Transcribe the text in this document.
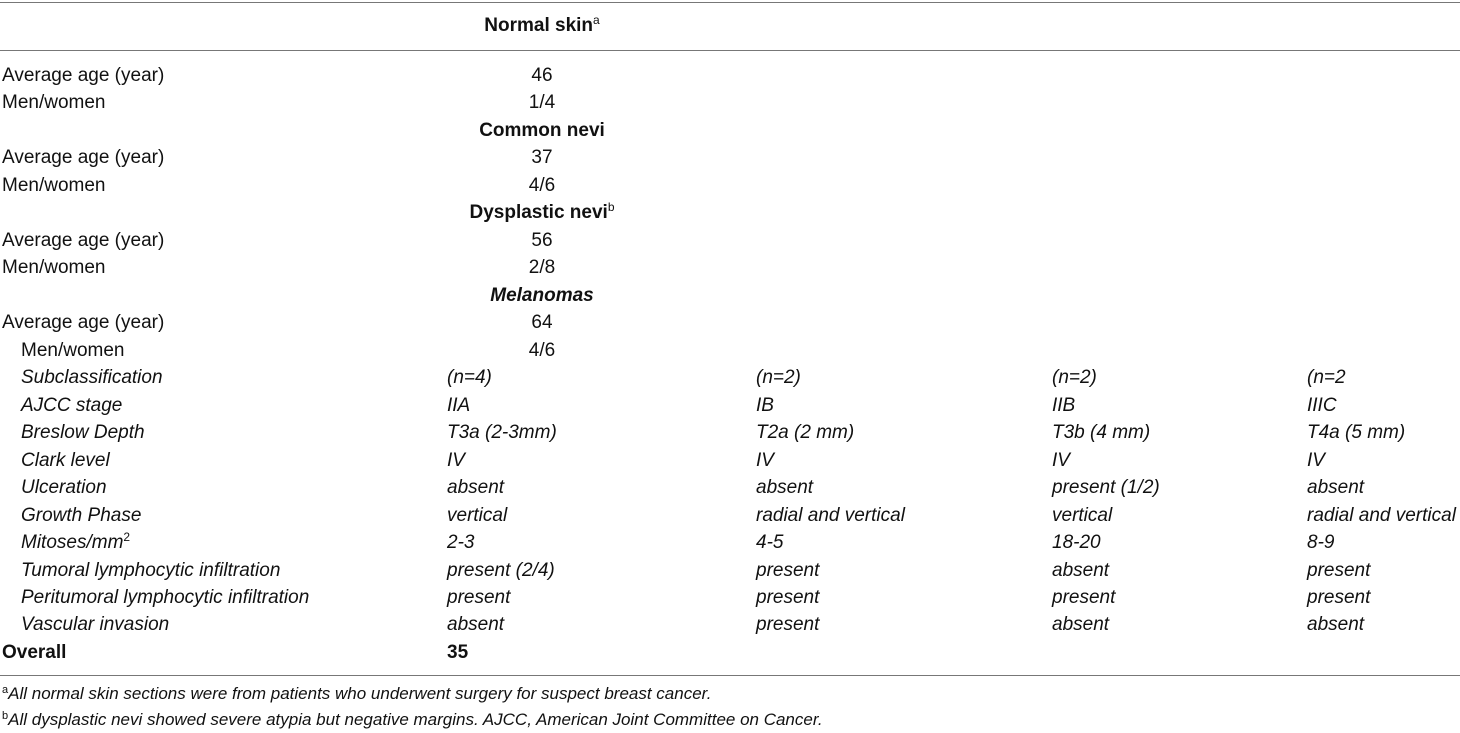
Normal skin$^a$
Average age (year)	46
Men/women	1/4
Common nevi
Average age (year)	37
Men/women	4/6
Dysplastic nevi$^b$
Average age (year)	56
Men/women	2/8
Melanomas
Average age (year)	64
Men/women	4/6
Subclassification	(n=4)	(n=2)	(n=2)	(n=2
AJCC stage	IIA	IB	IIB	IIIC
Breslow Depth	T3a (2-3mm)	T2a (2 mm)	T3b (4 mm)	T4a (5 mm)
Clark level	IV	IV	IV	IV
Ulceration	absent	absent	present (1/2)	absent
Growth Phase	vertical	radial and vertical	vertical	radial and vertical
Mitoses/$mm^2$	2-3	4-5	18-20	8-9
Tumoral lymphocytic infiltration	present (2/4)	present	absent	present
Peritumoral lymphocytic infiltration	present	present	present	present
Vascular invasion	absent	present	absent	absent
Overall	35
$^a$All normal skin sections were from patients who underwent surgery for suspect breast cancer.
$^b$All dysplastic nevi showed severe atypia but negative margins. AJCC, American Joint Committee on Cancer.
